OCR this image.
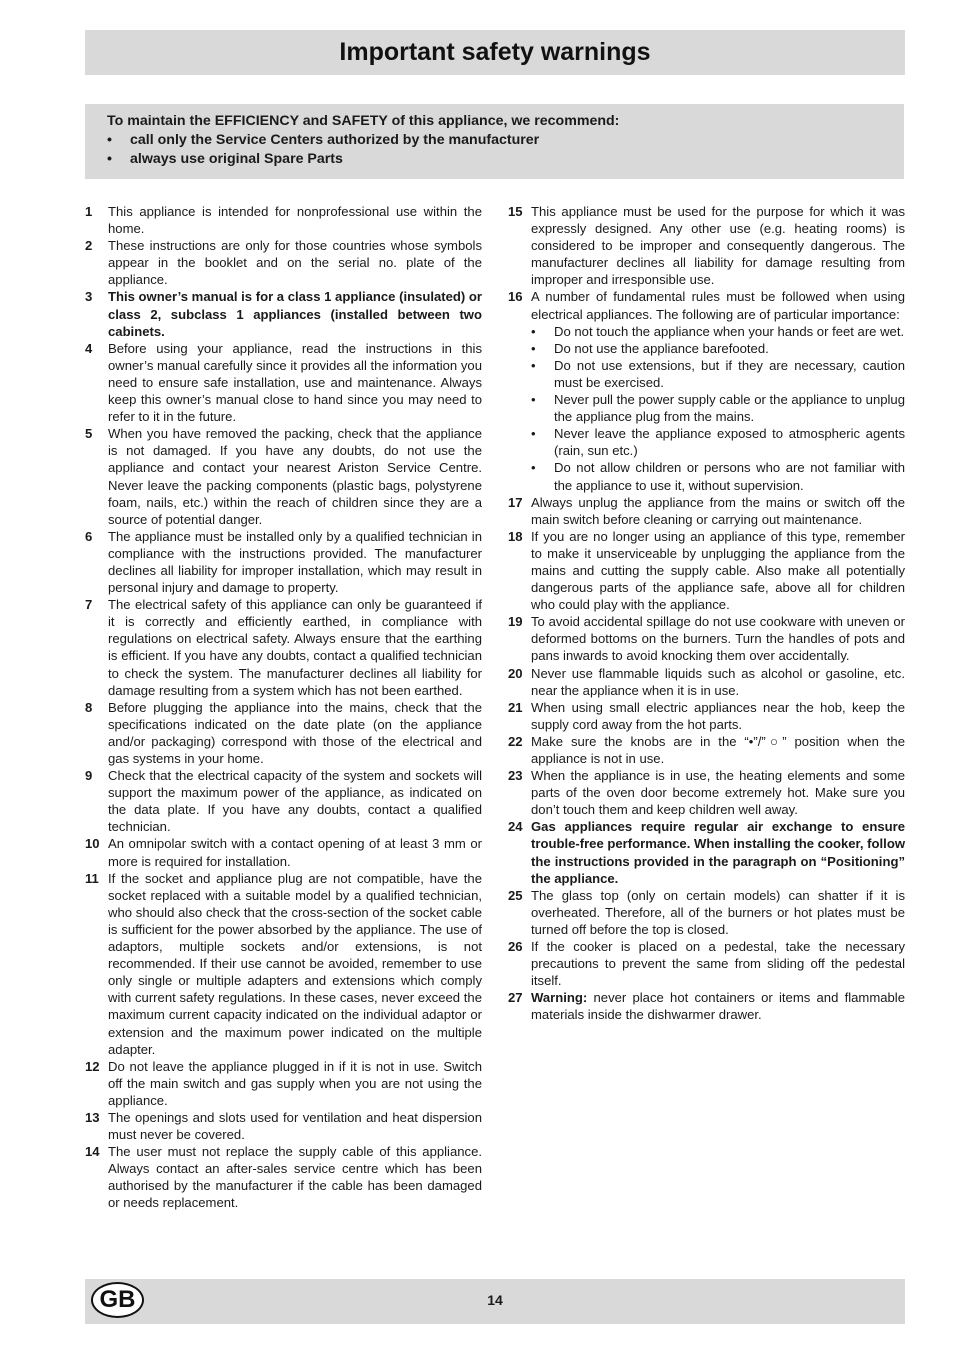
Important safety warnings
To maintain the EFFICIENCY and SAFETY of this appliance, we recommend:
•	call only the Service Centers authorized by the manufacturer
•	always use original Spare Parts
1	This appliance is intended for nonprofessional use within the home.
2	These instructions are only for those countries whose symbols appear in the booklet and on the serial no. plate of the appliance.
3	This owner’s manual is for a class 1 appliance (insulated) or class 2, subclass 1 appliances (installed between two cabinets.
4	Before using your appliance, read the instructions in this owner’s manual carefully since it provides all the information you need to ensure safe installation, use and maintenance. Always keep this owner’s manual close to hand since you may need to refer to it in the future.
5	When you have removed the packing, check that the appliance is not damaged. If you have any doubts, do not use the appliance and contact your nearest Ariston Service Centre. Never leave the packing components (plastic bags, polystyrene foam, nails, etc.) within the reach of children since they are a source of potential danger.
6	The appliance must be installed only by a qualified technician in compliance with the instructions provided. The manufacturer declines all liability for improper installation, which may result in personal injury and damage to property.
7	The electrical safety of this appliance can only be guaranteed if it is correctly and efficiently earthed, in compliance with regulations on electrical safety. Always ensure that the earthing is efficient. If you have any doubts, contact a qualified technician to check the system. The manufacturer declines all liability for damage resulting from a system which has not been earthed.
8	Before plugging the appliance into the mains, check that the specifications indicated on the date plate (on the appliance and/or packaging) correspond with those of the electrical and gas systems in your home.
9	Check that the electrical capacity of the system and sockets will support the maximum power of the appliance, as indicated on the data plate. If you have any doubts, contact a qualified technician.
10 An omnipolar switch with a contact opening of at least 3 mm or more is required for installation.
11 If the socket and appliance plug are not compatible, have the socket replaced with a suitable model by a qualified technician, who should also check that the cross-section of the socket cable is sufficient for the power absorbed by the appliance. The use of adaptors, multiple sockets and/or extensions, is not recommended. If their use cannot be avoided, remember to use only single or multiple adapters and extensions which comply with current safety regulations. In these cases, never exceed the maximum current capacity indicated on the individual adaptor or extension and the maximum power indicated on the multiple adapter.
12 Do not leave the appliance plugged in if it is not in use. Switch off the main switch and gas supply when you are not using the appliance.
13 The openings and slots used for ventilation and heat dispersion must never be covered.
14 The user must not replace the supply cable of this appliance. Always contact an after-sales service centre which has been authorised by the manufacturer if the cable has been damaged or needs replacement.
15 This appliance must be used for the purpose for which it was expressly designed. Any other use (e.g. heating rooms) is considered to be improper and consequently dangerous. The manufacturer declines all liability for damage resulting from improper and irresponsible use.
16 A number of fundamental rules must be followed when using electrical appliances. The following are of particular importance:
•	Do not touch the appliance when your hands or feet are wet.
•	Do not use the appliance barefooted.
•	Do not use extensions, but if they are necessary, caution must be exercised.
•	Never pull the power supply cable or the appliance to unplug the appliance plug from the mains.
•	Never leave the appliance exposed to atmospheric agents (rain, sun etc.)
•	Do not allow children or persons who are not familiar with the appliance to use it, without supervision.
17 Always unplug the appliance from the mains or switch off the main switch before cleaning or carrying out maintenance.
18 If you are no longer using an appliance of this type, remember to make it unserviceable by unplugging the appliance from the mains and cutting the supply cable. Also make all potentially dangerous parts of the appliance safe, above all for children who could play with the appliance.
19 To avoid accidental spillage do not use cookware with uneven or deformed bottoms on the burners. Turn the handles of pots and pans inwards to avoid knocking them over accidentally.
20 Never use flammable liquids such as alcohol or gasoline, etc. near the appliance when it is in use.
21 When using small electric appliances near the hob, keep the supply cord away from the hot parts.
22 Make sure the knobs are in the “•”/”○” position when the appliance is not in use.
23 When the appliance is in use, the heating elements and some parts of the oven door become extremely hot. Make sure you don’t touch them and keep children well away.
24 Gas appliances require regular air exchange to ensure trouble-free performance. When installing the cooker, follow the instructions provided in the paragraph on “Positioning” the appliance.
25 The glass top (only on certain models) can shatter if it is overheated. Therefore, all of the burners or hot plates must be turned off before the top is closed.
26 If the cooker is placed on a pedestal, take the necessary precautions to prevent the same from sliding off the pedestal itself.
27 Warning: never place hot containers or items and flammable materials inside the dishwarmer drawer.
GB	14
